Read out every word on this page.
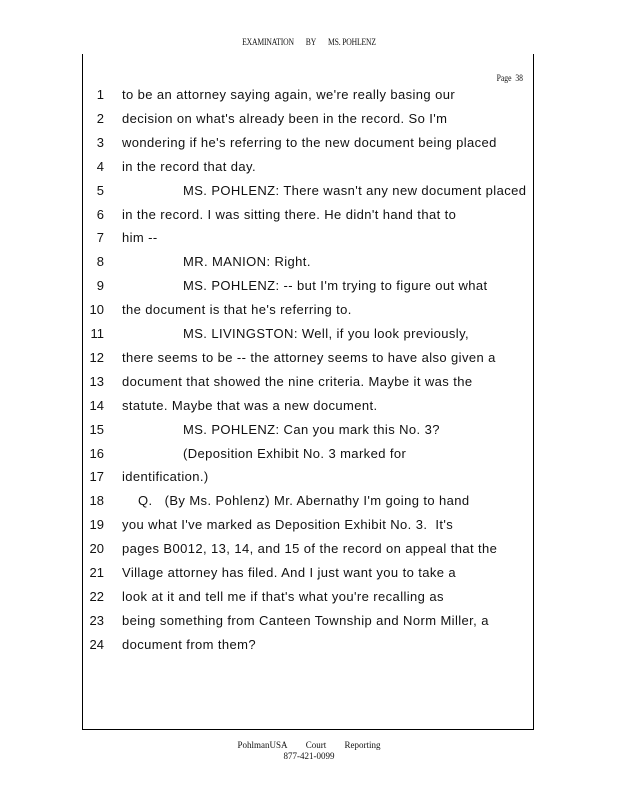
EXAMINATION BY MS. POHLENZ
Page 38
1 to be an attorney saying again, we're really basing our
2 decision on what's already been in the record. So I'm
3 wondering if he's referring to the new document being placed
4 in the record that day.
5	MS. POHLENZ: There wasn't any new document placed
6 in the record. I was sitting there. He didn't hand that to
7 him --
8	MR. MANION: Right.
9	MS. POHLENZ: -- but I'm trying to figure out what
10 the document is that he's referring to.
11	MS. LIVINGSTON: Well, if you look previously,
12 there seems to be -- the attorney seems to have also given a
13 document that showed the nine criteria. Maybe it was the
14 statute. Maybe that was a new document.
15	MS. POHLENZ: Can you mark this No. 3?
16	(Deposition Exhibit No. 3 marked for
17 identification.)
18 Q.   (By Ms. Pohlenz) Mr. Abernathy I'm going to hand
19 you what I've marked as Deposition Exhibit No. 3.  It's
20 pages B0012, 13, 14, and 15 of the record on appeal that the
21 Village attorney has filed. And I just want you to take a
22 look at it and tell me if that's what you're recalling as
23 being something from Canteen Township and Norm Miller, a
24 document from them?
PohlmanUSA Court Reporting
877-421-0099
